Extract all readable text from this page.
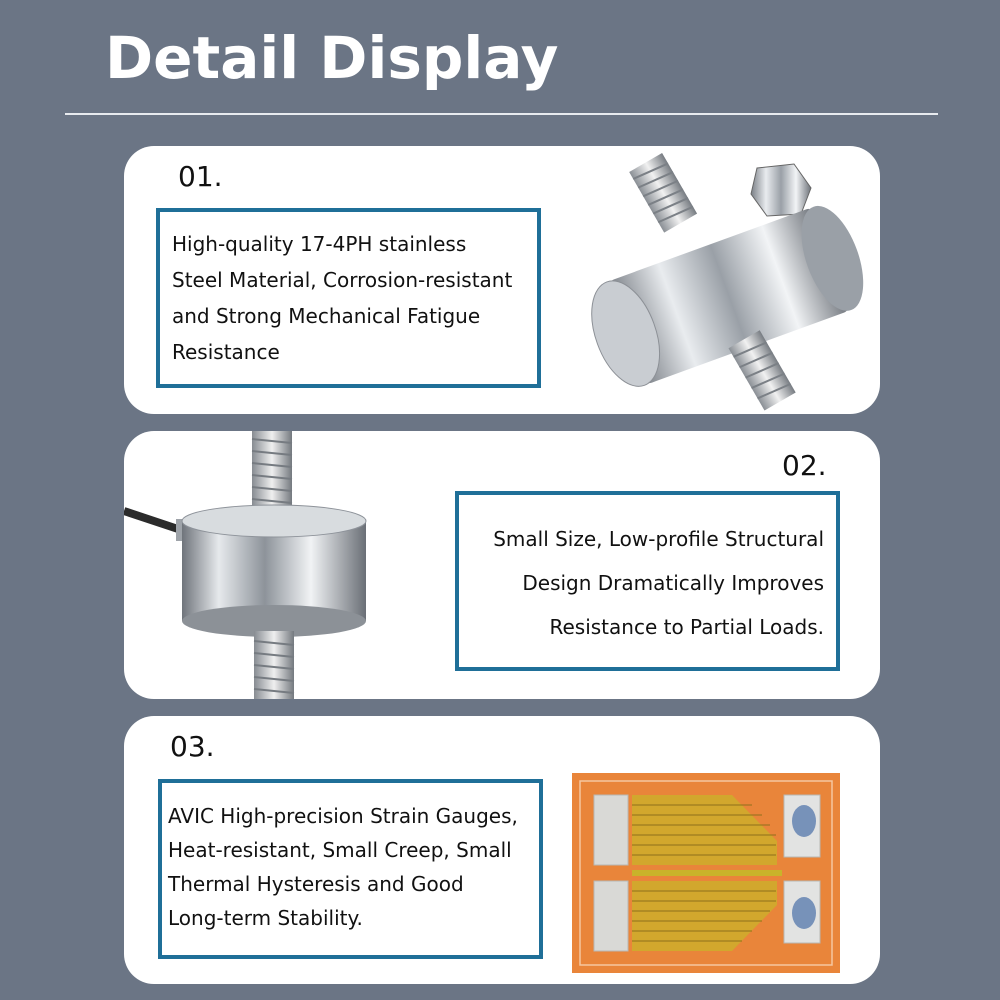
Detail Display
01.

High-quality 17-4PH stainless

Steel Material, Corrosion-resistant

and Strong Mechanical Fatigue

Resistance

02.

Small Size, Low-profile Structural

Design Dramatically Improves

Resistance to Partial Loads.

03.

AVIC High-precision Strain Gauges,

Heat-resistant, Small Creep, Small

Thermal Hysteresis and Good

Long-term Stability.
